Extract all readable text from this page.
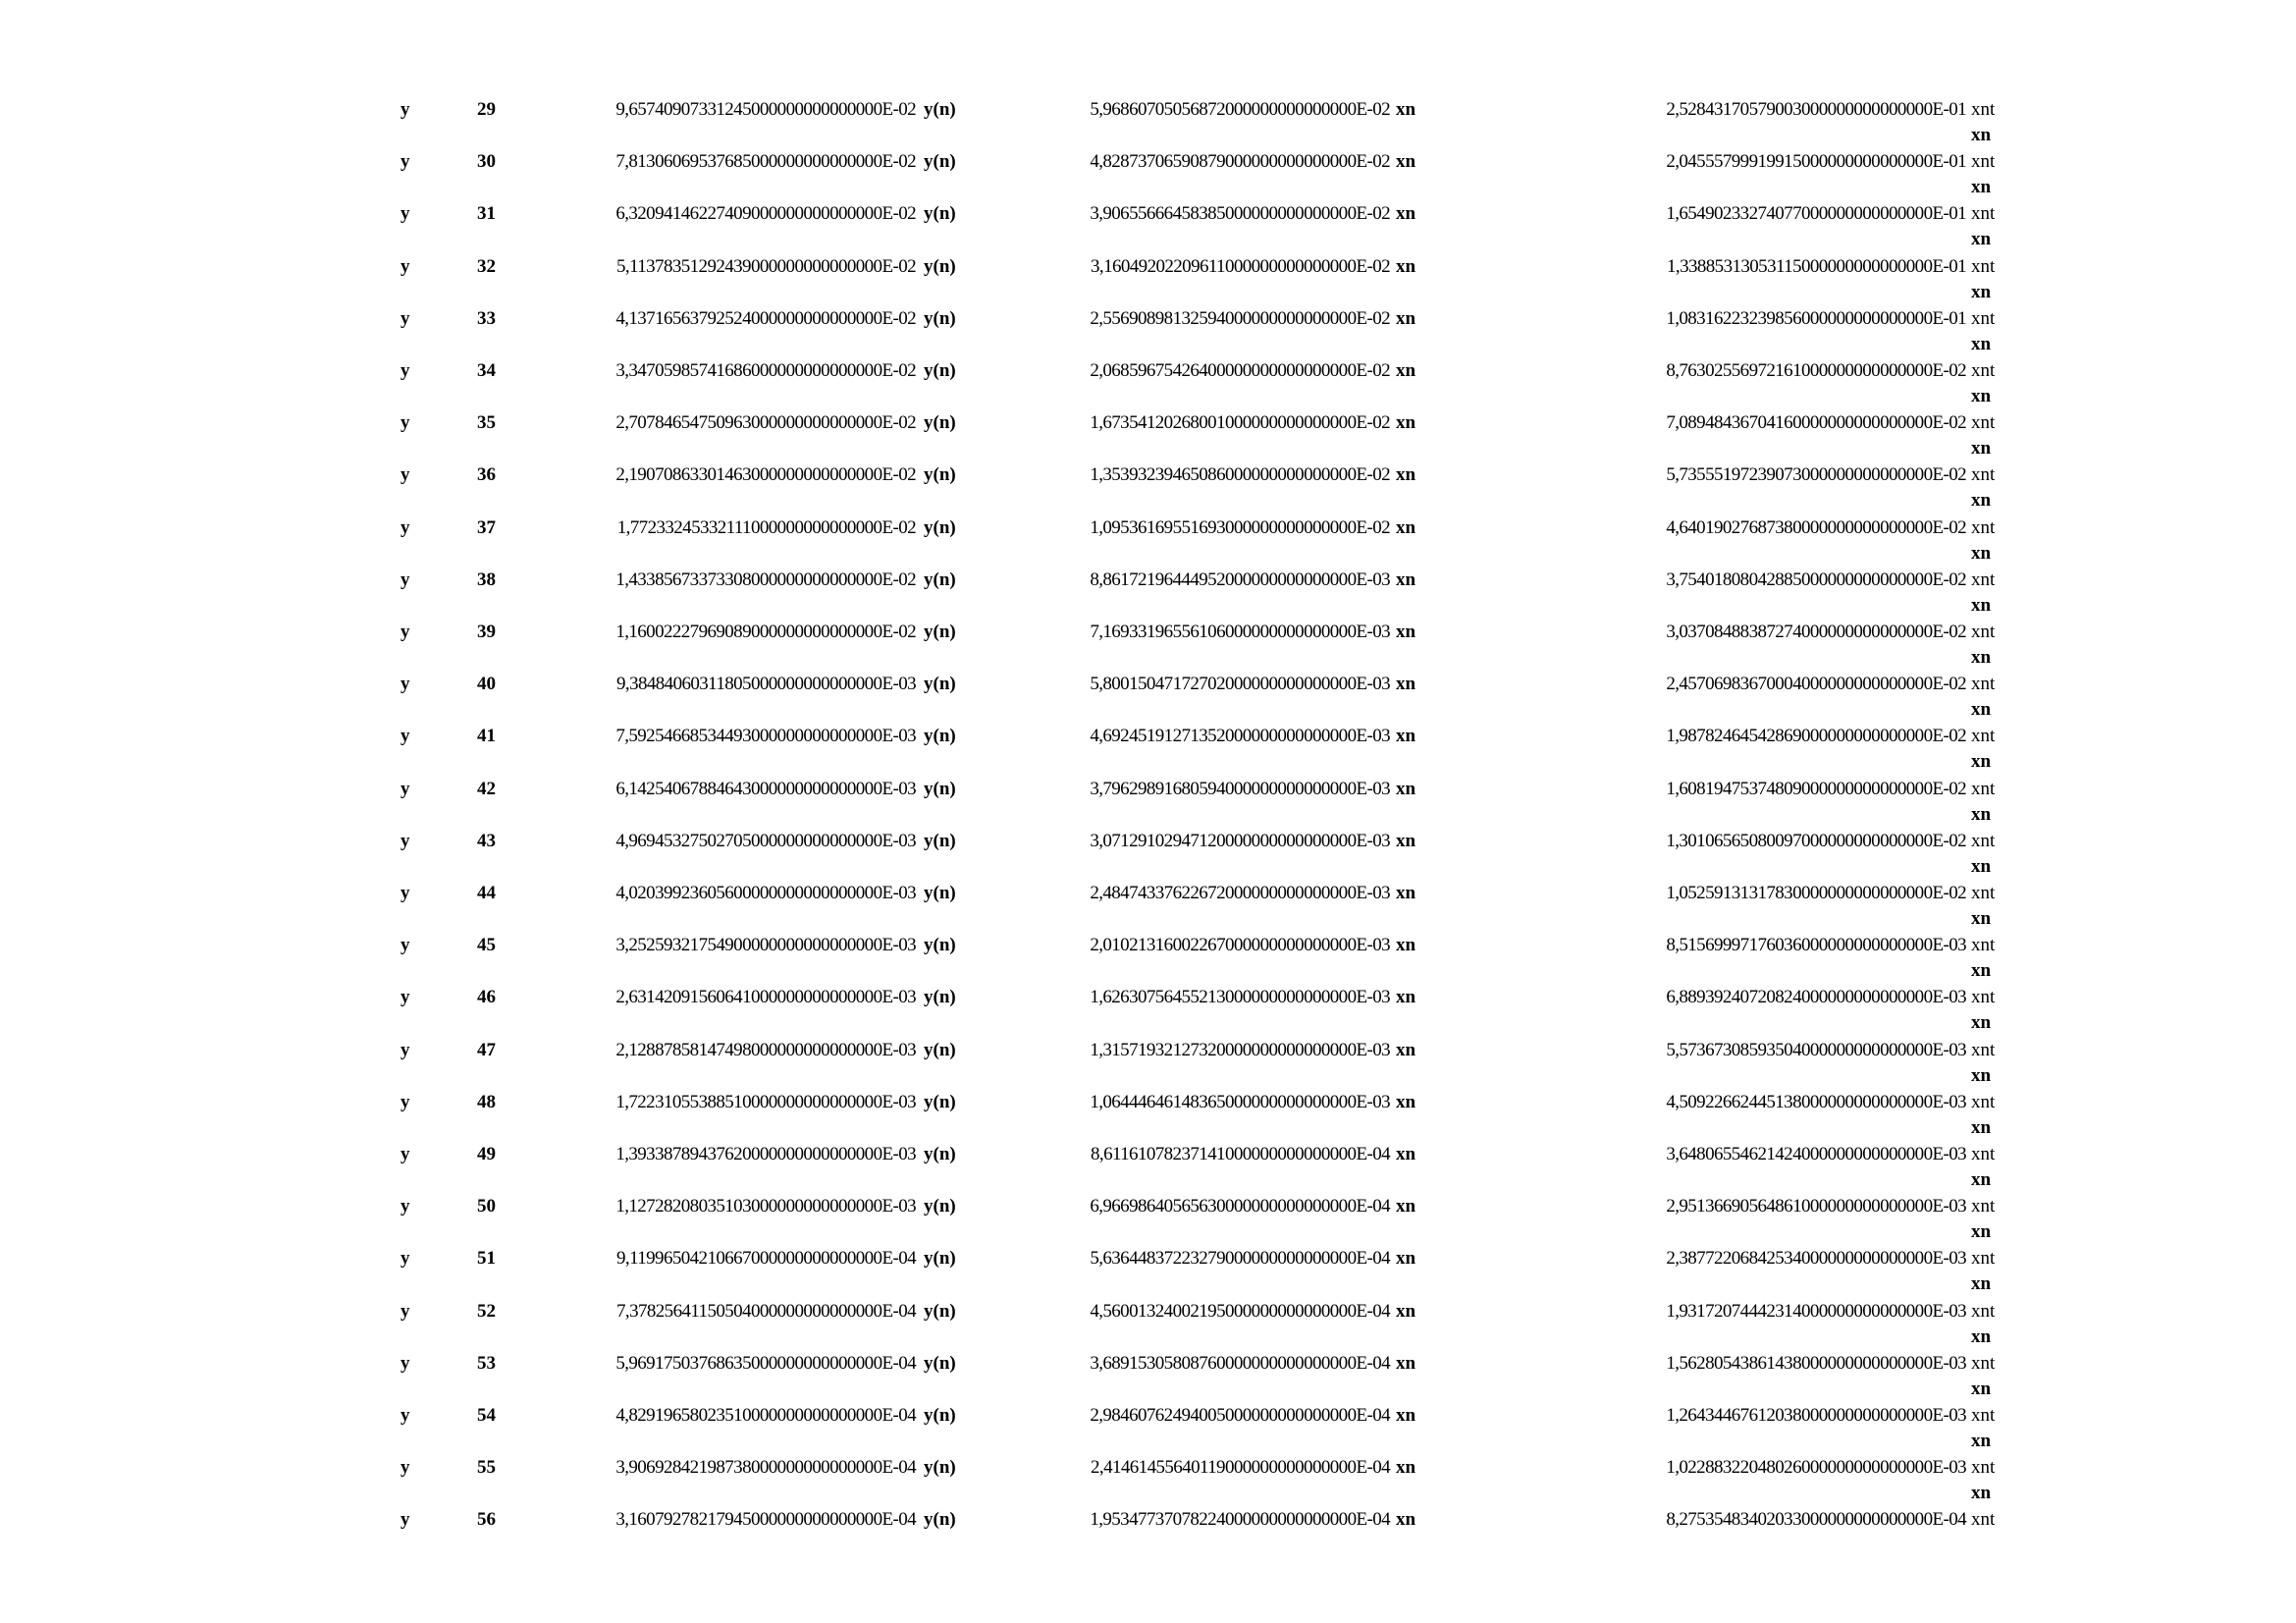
y	29	9,65740907331245000000000000000E-02 y(n)	5,96860705056872000000000000000E-02 xn	2,52843170579003000000000000000E-01 xnt
xn
y	30	7,81306069537685000000000000000E-02 y(n)	4,82873706590879000000000000000E-02 xn	2,04555799919915000000000000000E-01 xnt
xn
y	31	6,32094146227409000000000000000E-02 y(n)	3,90655666458385000000000000000E-02 xn	1,65490233274077000000000000000E-01 xnt
xn
y	32	5,11378351292439000000000000000E-02 y(n)	3,16049202209611000000000000000E-02 xn	1,33885313053115000000000000000E-01 xnt
xn
y	33	4,13716563792524000000000000000E-02 y(n)	2,55690898132594000000000000000E-02 xn	1,08316223239856000000000000000E-01 xnt
xn
y	34	3,34705985741686000000000000000E-02 y(n)	2,06859675426400000000000000000E-02 xn	8,76302556972161000000000000000E-02 xnt
xn
y	35	2,70784654750963000000000000000E-02 y(n)	1,67354120268001000000000000000E-02 xn	7,08948436704160000000000000000E-02 xnt
xn
y	36	2,19070863301463000000000000000E-02 y(n)	1,35393239465086000000000000000E-02 xn	5,73555197239073000000000000000E-02 xnt
xn
y	37	1,77233245332111000000000000000E-02 y(n)	1,09536169551693000000000000000E-02 xn	4,64019027687380000000000000000E-02 xnt
xn
y	38	1,43385673373308000000000000000E-02 y(n)	8,86172196444952000000000000000E-03 xn	3,75401808042885000000000000000E-02 xnt
xn
y	39	1,16002227969089000000000000000E-02 y(n)	7,16933196556106000000000000000E-03 xn	3,03708488387274000000000000000E-02 xnt
xn
y	40	9,38484060311805000000000000000E-03 y(n)	5,80015047172702000000000000000E-03 xn	2,45706983670004000000000000000E-02 xnt
xn
y	41	7,59254668534493000000000000000E-03 y(n)	4,69245191271352000000000000000E-03 xn	1,98782464542869000000000000000E-02 xnt
xn
y	42	6,14254067884643000000000000000E-03 y(n)	3,79629891680594000000000000000E-03 xn	1,60819475374809000000000000000E-02 xnt
xn
y	43	4,96945327502705000000000000000E-03 y(n)	3,07129102947120000000000000000E-03 xn	1,30106565080097000000000000000E-02 xnt
xn
y	44	4,02039923605600000000000000000E-03 y(n)	2,48474337622672000000000000000E-03 xn	1,05259131317830000000000000000E-02 xnt
xn
y	45	3,25259321754900000000000000000E-03 y(n)	2,01021316002267000000000000000E-03 xn	8,51569997176036000000000000000E-03 xnt
xn
y	46	2,63142091560641000000000000000E-03 y(n)	1,62630756455213000000000000000E-03 xn	6,88939240720824000000000000000E-03 xnt
xn
y	47	2,12887858147498000000000000000E-03 y(n)	1,31571932127320000000000000000E-03 xn	5,57367308593504000000000000000E-03 xnt
xn
y	48	1,72231055388510000000000000000E-03 y(n)	1,06444646148365000000000000000E-03 xn	4,50922662445138000000000000000E-03 xnt
xn
y	49	1,39338789437620000000000000000E-03 y(n)	8,61161078237141000000000000000E-04 xn	3,64806554621424000000000000000E-03 xnt
xn
y	50	1,12728208035103000000000000000E-03 y(n)	6,96698640565630000000000000000E-04 xn	2,95136690564861000000000000000E-03 xnt
xn
y	51	9,11996504210667000000000000000E-04 y(n)	5,63644837223279000000000000000E-04 xn	2,38772206842534000000000000000E-03 xnt
xn
y	52	7,37825641150504000000000000000E-04 y(n)	4,56001324002195000000000000000E-04 xn	1,93172074442314000000000000000E-03 xnt
xn
y	53	5,96917503768635000000000000000E-04 y(n)	3,68915305808760000000000000000E-04 xn	1,56280543861438000000000000000E-03 xnt
xn
y	54	4,82919658023510000000000000000E-04 y(n)	2,98460762494005000000000000000E-04 xn	1,26434467612038000000000000000E-03 xnt
xn
y	55	3,90692842198738000000000000000E-04 y(n)	2,41461455640119000000000000000E-04 xn	1,02288322048026000000000000000E-03 xnt
xn
y	56	3,16079278217945000000000000000E-04 y(n)	1,95347737078224000000000000000E-04 xn	8,27535483402033000000000000000E-04 xnt
